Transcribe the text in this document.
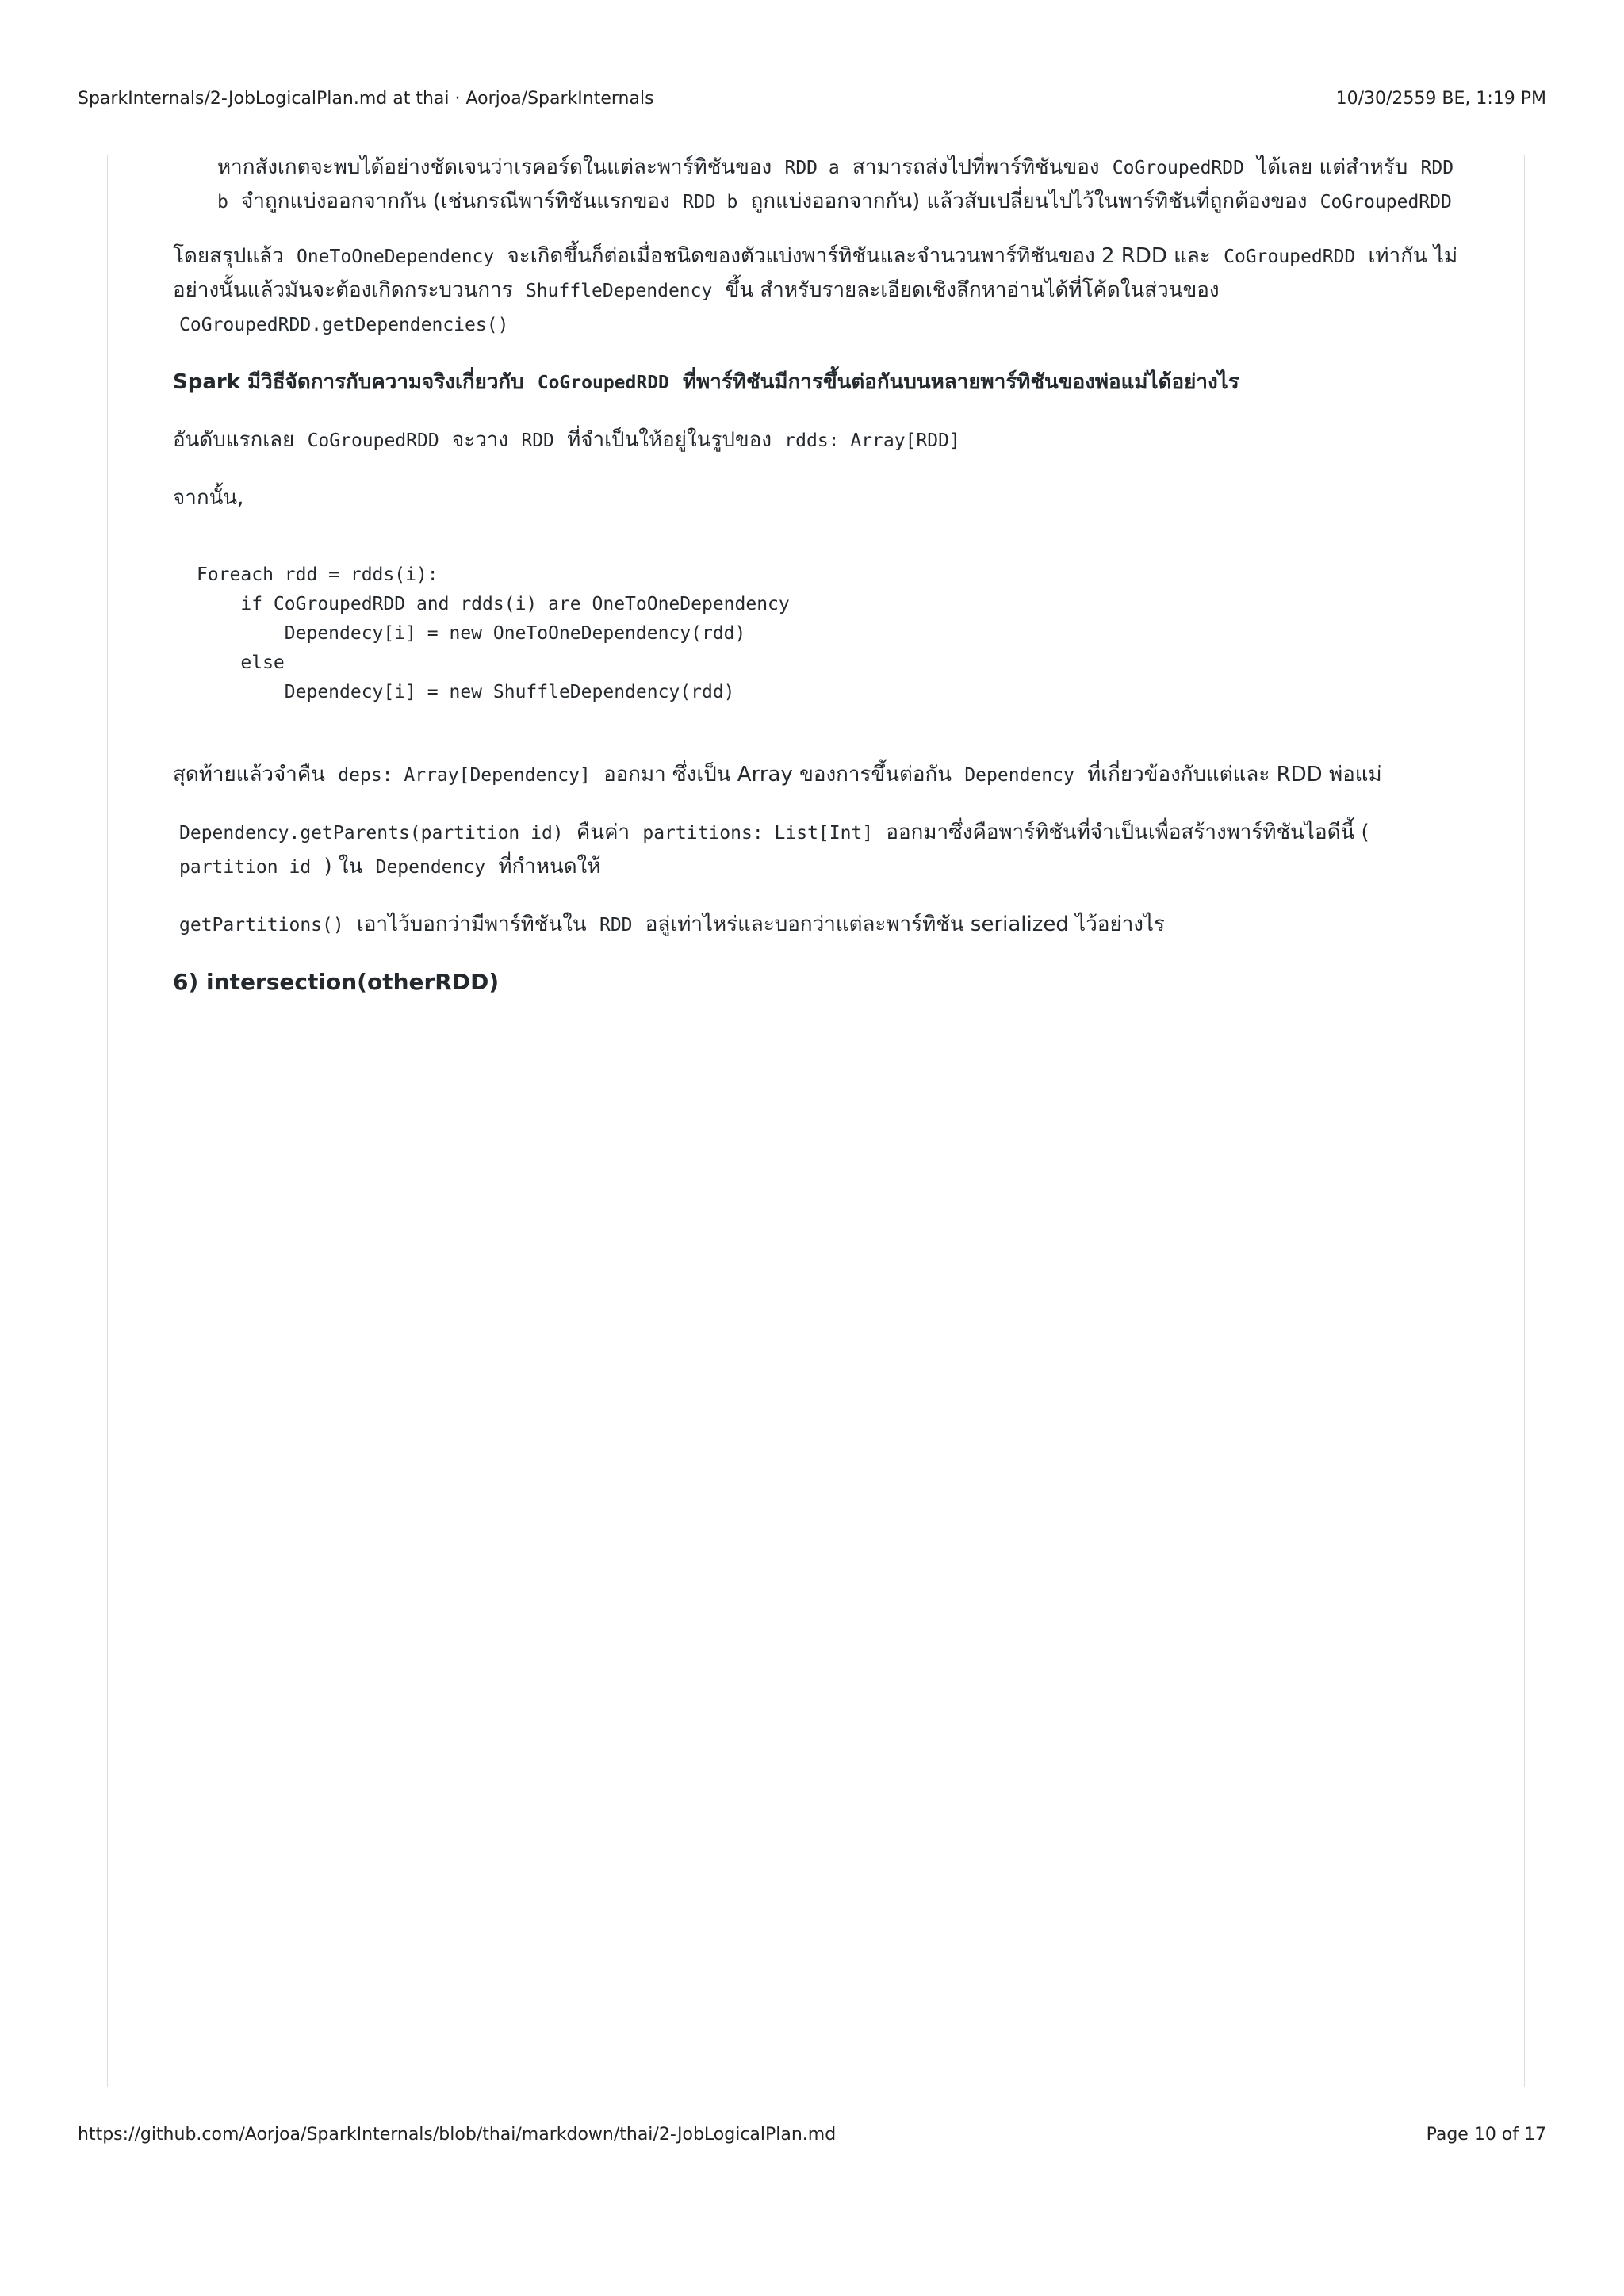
SparkInternals/2-JobLogicalPlan.md at thai · Aorjoa/SparkInternals	10/30/2559 BE, 1:19 PM
หากสังเกตจะพบได้อย่างชัดเจนว่าเรคอร์ดในแต่ละพาร์ทิชันของ RDD a สามารถส่งไปที่พาร์ทิชันของ CoGroupedRDD ได้เลย แต่สำหรับ RDD b จำถูกแบ่งออกจากกัน (เช่นกรณีพาร์ทิชันแรกของ RDD b ถูกแบ่งออกจากกัน) แล้วสับเปลี่ยนไปไว้ในพาร์ทิชันที่ถูกต้องของ CoGroupedRDD

โดยสรุปแล้ว OneToOneDependency จะเกิดขึ้นก็ต่อเมื่อชนิดของตัวแบ่งพาร์ทิชันและจำนวนพาร์ทิชันของ 2 RDD และ CoGroupedRDD เท่ากัน ไม่อย่างนั้นแล้วมันจะต้องเกิดกระบวนการ ShuffleDependency ขึ้น สำหรับรายละเอียดเชิงลึกหาอ่านได้ที่โค้ดในส่วนของ CoGroupedRDD.getDependencies()

Spark มีวิธีจัดการกับความจริงเกี่ยวกับ CoGroupedRDD ที่พาร์ทิชันมีการขึ้นต่อกันบนหลายพาร์ทิชันของพ่อแม่ได้อย่างไร

อันดับแรกเลย CoGroupedRDD จะวาง RDD ที่จำเป็นให้อยู่ในรูปของ rdds: Array[RDD]

จากนั้น,

Foreach rdd = rdds(i):
if CoGroupedRDD and rdds(i) are OneToOneDependency
Dependecy[i] = new OneToOneDependency(rdd)
else
Dependecy[i] = new ShuffleDependency(rdd)

สุดท้ายแล้วจำคืน deps: Array[Dependency] ออกมา ซึ่งเป็น Array ของการขึ้นต่อกัน Dependency ที่เกี่ยวข้องกับแต่และ RDD พ่อแม่

Dependency.getParents(partition id) คืนค่า partitions: List[Int] ออกมาซึ่งคือพาร์ทิชันที่จำเป็นเพื่อสร้างพาร์ทิชันไอดีนี้ ( partition id ) ใน Dependency ที่กำหนดให้

getPartitions() เอาไว้บอกว่ามีพาร์ทิชันใน RDD อลู่เท่าไหร่และบอกว่าแต่ละพาร์ทิชัน serialized ไว้อย่างไร

6) intersection(otherRDD)
https://github.com/Aorjoa/SparkInternals/blob/thai/markdown/thai/2-JobLogicalPlan.md	Page 10 of 17
